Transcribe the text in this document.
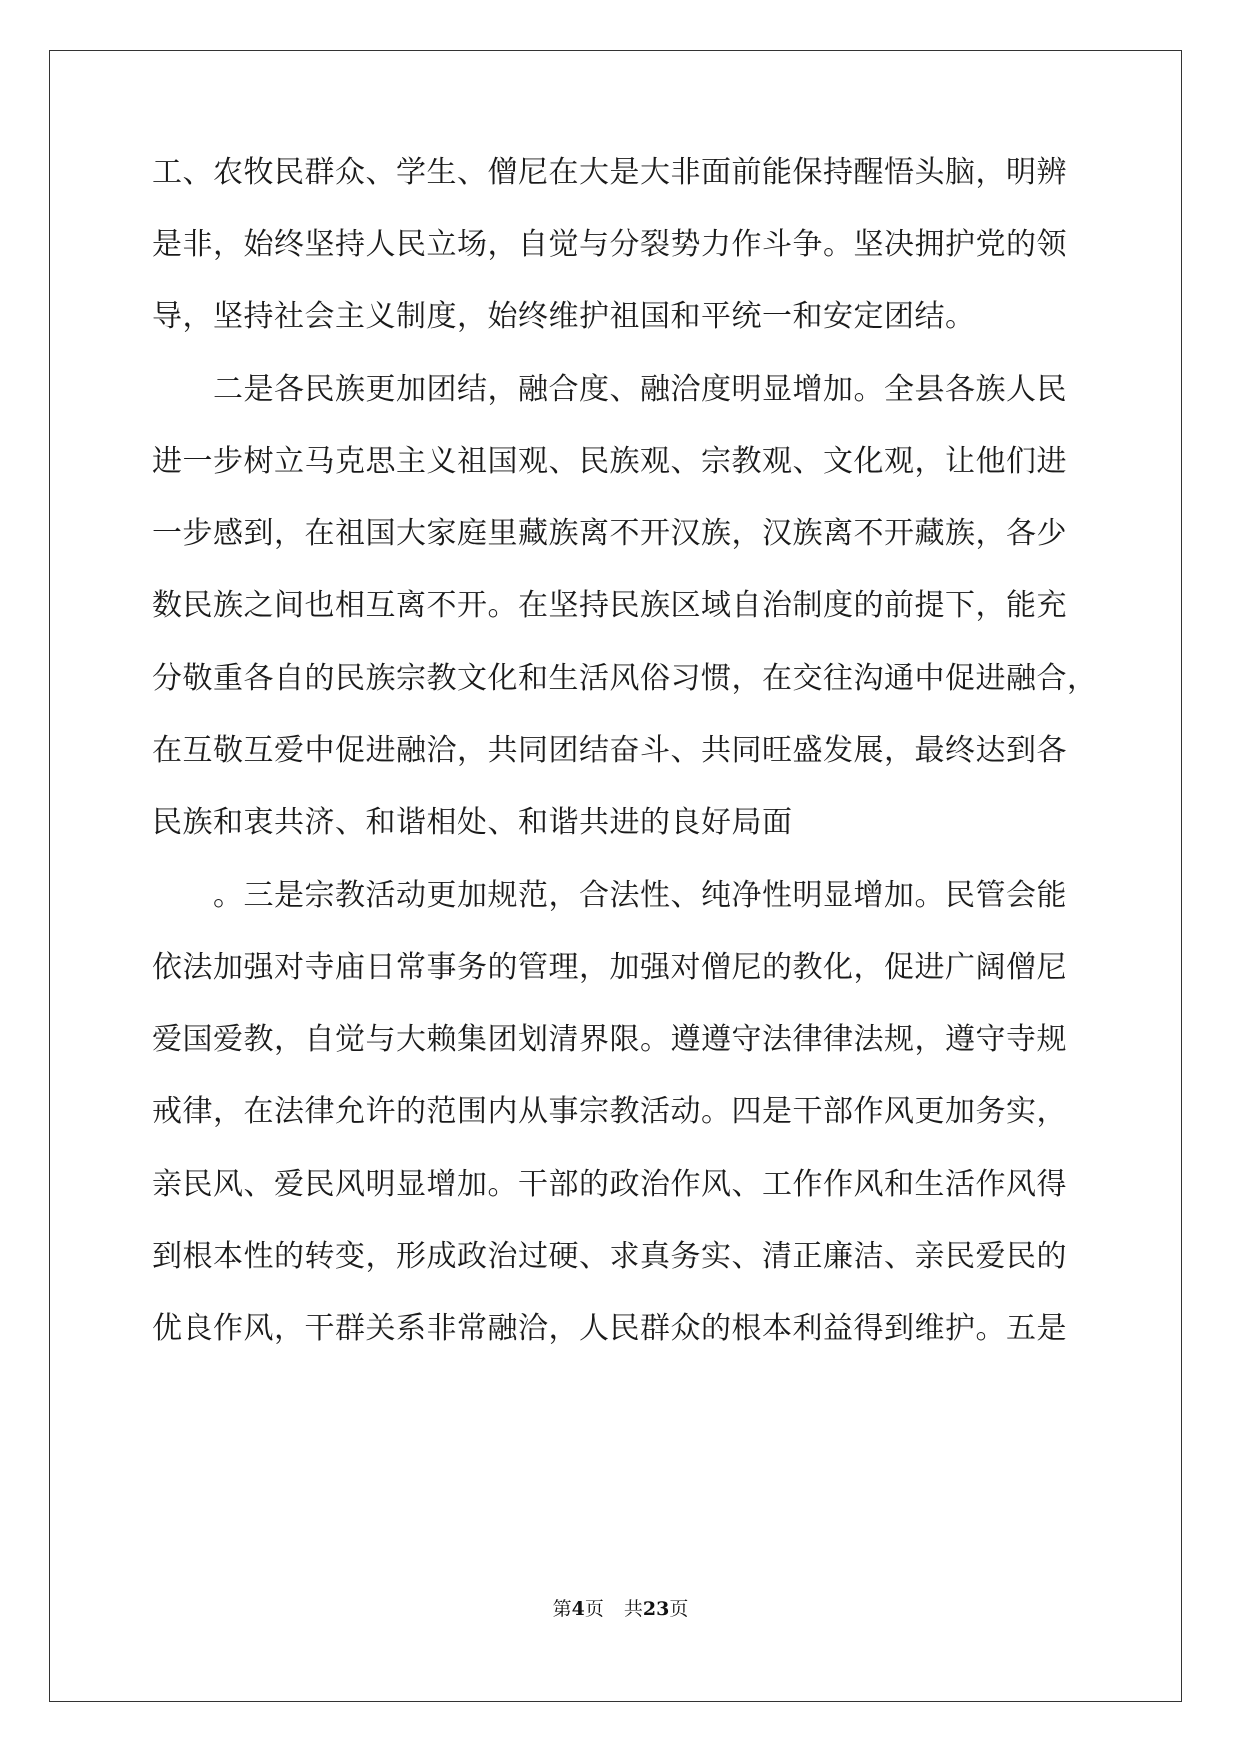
工、农牧民群众、学生、僧尼在大是大非面前能保持醒悟头脑，明辨
是非，始终坚持人民立场，自觉与分裂势力作斗争。坚决拥护党的领
导，坚持社会主义制度，始终维护祖国和平统一和安定团结。
　　二是各民族更加团结，融合度、融洽度明显增加。全县各族人民
进一步树立马克思主义祖国观、民族观、宗教观、文化观，让他们进
一步感到，在祖国大家庭里藏族离不开汉族，汉族离不开藏族，各少
数民族之间也相互离不开。在坚持民族区域自治制度的前提下，能充
分敬重各自的民族宗教文化和生活风俗习惯，在交往沟通中促进融合，
在互敬互爱中促进融洽，共同团结奋斗、共同旺盛发展，最终达到各
民族和衷共济、和谐相处、和谐共进的良好局面
　　。三是宗教活动更加规范，合法性、纯净性明显增加。民管会能
依法加强对寺庙日常事务的管理，加强对僧尼的教化，促进广阔僧尼
爱国爱教，自觉与大赖集团划清界限。遵遵守法律律法规，遵守寺规
戒律，在法律允许的范围内从事宗教活动。四是干部作风更加务实，
亲民风、爱民风明显增加。干部的政治作风、工作作风和生活作风得
到根本性的转变，形成政治过硬、求真务实、清正廉洁、亲民爱民的
优良作风，干群关系非常融洽，人民群众的根本利益得到维护。五是
第4页 共23页
